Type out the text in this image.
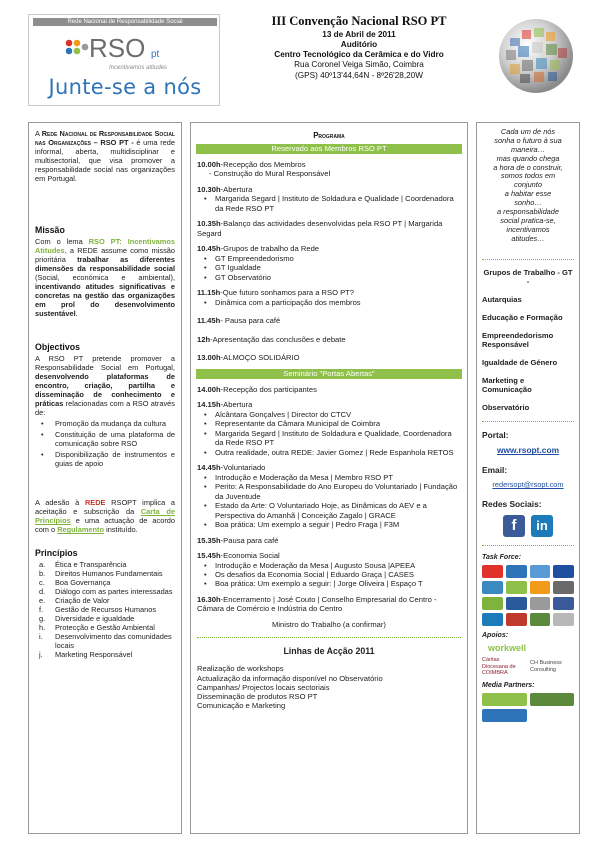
Rede Nacional de Responsabilidade Social
RSO pt
Incentivamos atitudes
Junte-se a nós
III Convenção Nacional RSO PT
13 de Abril de 2011
Auditório
Centro Tecnológico da Cerâmica e do Vidro
Rua Coronel Veiga Simão, Coimbra
(GPS) 40º13'44,64N - 8º26'28,20W

A Rede Nacional de Responsabilidade Social nas Organizações – RSO PT - é uma rede informal, aberta, multidisciplinar e multisectorial, que visa promover a responsabilidade social nas organizações em Portugal.

Missão

Com o lema RSO PT: Incentivamos Atitudes, a REDE assume como missão prioritária trabalhar as diferentes dimensões da responsabilidade social (Social, económica e ambiental), incentivando atitudes significativas e concretas na gestão das organizações em prol do desenvolvimento sustentável.

Objectivos

A RSO PT pretende promover a Responsabilidade Social em Portugal, desenvolvendo plataformas de encontro, criação, partilha e disseminação de conhecimento e práticas relacionadas com a RSO através de:

• Promoção da mudança da cultura
• Constituição de uma plataforma de comunicação sobre RSO
• Disponibilização de instrumentos e guias de apoio

A adesão à REDE RSOPT implica a aceitação e subscrição da Carta de Princípios e uma actuação de acordo com o Regulamento instituído.

Princípios
a. Ética e Transparência
b. Direitos Humanos Fundamentais
c. Boa Governança
d. Diálogo com as partes interessadas
e. Criação de Valor
f. Gestão de Recursos Humanos
g. Diversidade e igualdade
h. Protecção e Gestão Ambiental
i. Desenvolvimento das comunidades locais
j. Marketing Responsável
Programa
Reservado aos Membros RSO PT
10.00h-Recepção dos Membros
- Construção do Mural Responsável
10.30h-Abertura
• Margarida Segard | Instituto de Soldadura e Qualidade | Coordenadora da Rede RSO PT
10.35h-Balanço das actividades desenvolvidas pela RSO PT | Margarida Segard
10.45h-Grupos de trabalho da Rede
• GT Empreendedorismo
• GT Igualdade
• GT Observatório
11.15h-Que futuro sonhamos para a RSO PT?
• Dinâmica com a participação dos membros
11.45h- Pausa para café
12h-Apresentação das conclusões e debate
13.00h-ALMOÇO SOLIDÁRIO
Seminário "Portas Abertas"
14.00h-Recepção dos participantes
14.15h-Abertura
• Alcântara Gonçalves | Director do CTCV
• Representante da Câmara Municipal de Coimbra
• Margarida Segard | Instituto de Soldadura e Qualidade, Coordenadora da Rede RSO PT
• Outra realidade, outra REDE: Javier Gomez | Rede Espanhola RETOS
14.45h-Voluntariado
• Introdução e Moderação da Mesa | Membro RSO PT
• Perito: A Responsabilidade do Ano Europeu do Voluntariado | Fundação da Juventude
• Estado da Arte: O Voluntariado Hoje, as Dinâmicas do AEV e a Perspectiva do Amanhã | Conceição Zagalo | GRACE
• Boa prática: Um exemplo a seguir | Pedro Fraga | F3M
15.35h-Pausa para café
15.45h-Economia Social
• Introdução e Moderação da Mesa | Augusto Sousa |APEEA
• Os desafios da Economia Social | Eduardo Graça | CASES
• Boa prática: Um exemplo a seguir: | Jorge Oliveira | Espaço T
16.30h-Encerramento | José Couto | Conselho Empresarial do Centro - Câmara de Comércio e Indústria do Centro
Ministro do Trabalho (a confirmar)
Linhas de Acção 2011
Realização de workshops
Actualização da informação disponível no Observatório
Campanhas/ Projectos locais sectoriais
Disseminação de produtos RSO PT
Comunicação e Marketing
Cada um de nós
sonha o futuro à sua
maneira…
mas quando chega
a hora de o construir,
somos todos em
conjunto
a habitar esse
sonho…
a responsabilidade
social pratica-se,
incentivamos
atitudes…
Grupos de Trabalho - GT -
Autarquias
Educação e Formação
Empreendedorismo Responsável
Igualdade de Género
Marketing e Comunicação
Observatório
Portal:
www.rsopt.com
Email:
redersopt@rsopt.com
Redes Sociais:
f	in
Task Force:
Apoios:
workwell
Cáritas Diocesana de COIMBRA
CH Business Consulting
Media Partners:
